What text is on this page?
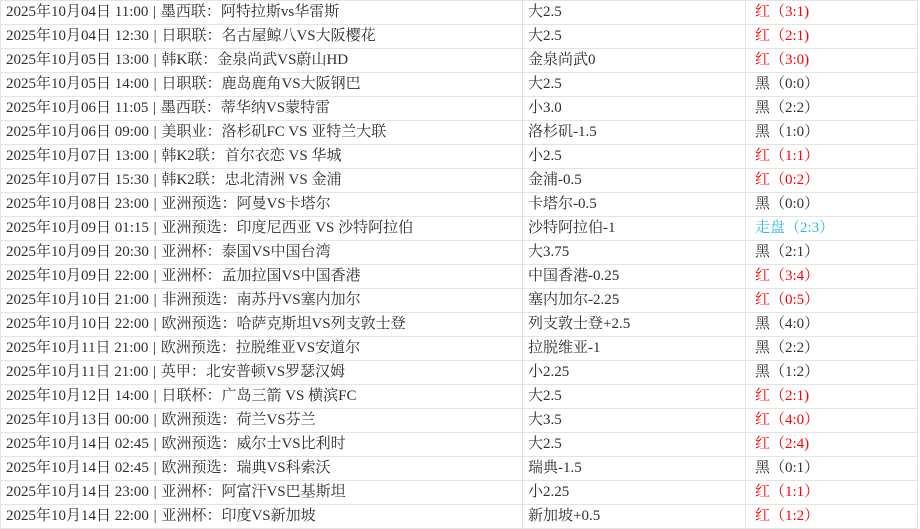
2025年10月04日 11:00 | 墨西联：阿特拉斯vs华雷斯	大2.5	红（3:1)
2025年10月04日 12:30 | 日职联：名古屋鲸八VS大阪樱花	大2.5	红（2:1)
2025年10月05日 13:00 | 韩K联：金泉尚武VS蔚山HD	金泉尚武0	红（3:0)
2025年10月05日 14:00 | 日职联：鹿岛鹿角VS大阪钢巴	大2.5	黑（0:0）
2025年10月06日 11:05 | 墨西联：蒂华纳VS蒙特雷	小3.0	黑（2:2）
2025年10月06日 09:00 | 美职业：洛杉矶FC VS 亚特兰大联	洛杉矶-1.5	黑（1:0）
2025年10月07日 13:00 | 韩K2联：首尔衣恋 VS 华城	小2.5	红（1:1）
2025年10月07日 15:30 | 韩K2联：忠北清洲 VS 金浦	金浦-0.5	红（0:2）
2025年10月08日 23:00 | 亚洲预选：阿曼VS卡塔尔	卡塔尔-0.5	黑（0:0）
2025年10月09日 01:15 | 亚洲预选：印度尼西亚 VS 沙特阿拉伯	沙特阿拉伯-1	走盘（2:3）
2025年10月09日 20:30 | 亚洲杯：泰国VS中国台湾	大3.75	黑（2:1）
2025年10月09日 22:00 | 亚洲杯：孟加拉国VS中国香港	中国香港-0.25	红（3:4）
2025年10月10日 21:00 | 非洲预选：南苏丹VS塞内加尔	塞内加尔-2.25	红（0:5）
2025年10月10日 22:00 | 欧洲预选：哈萨克斯坦VS列支敦士登	列支敦士登+2.5	黑（4:0）
2025年10月11日 21:00 | 欧洲预选：拉脱维亚VS安道尔	拉脱维亚-1	黑（2:2）
2025年10月11日 21:00 | 英甲：北安普顿VS罗瑟汉姆	小2.25	黑（1:2）
2025年10月12日 14:00 | 日联杯：广岛三箭 VS 横滨FC	大2.5	红（2:1)
2025年10月13日 00:00 | 欧洲预选：荷兰VS芬兰	大3.5	红（4:0）
2025年10月14日 02:45 | 欧洲预选：威尔士VS比利时	大2.5	红（2:4)
2025年10月14日 02:45 | 欧洲预选：瑞典VS科索沃	瑞典-1.5	黑（0:1）
2025年10月14日 23:00 | 亚洲杯：阿富汗VS巴基斯坦	小2.25	红（1:1）
2025年10月14日 22:00 | 亚洲杯：印度VS新加坡	新加坡+0.5	红（1:2）
